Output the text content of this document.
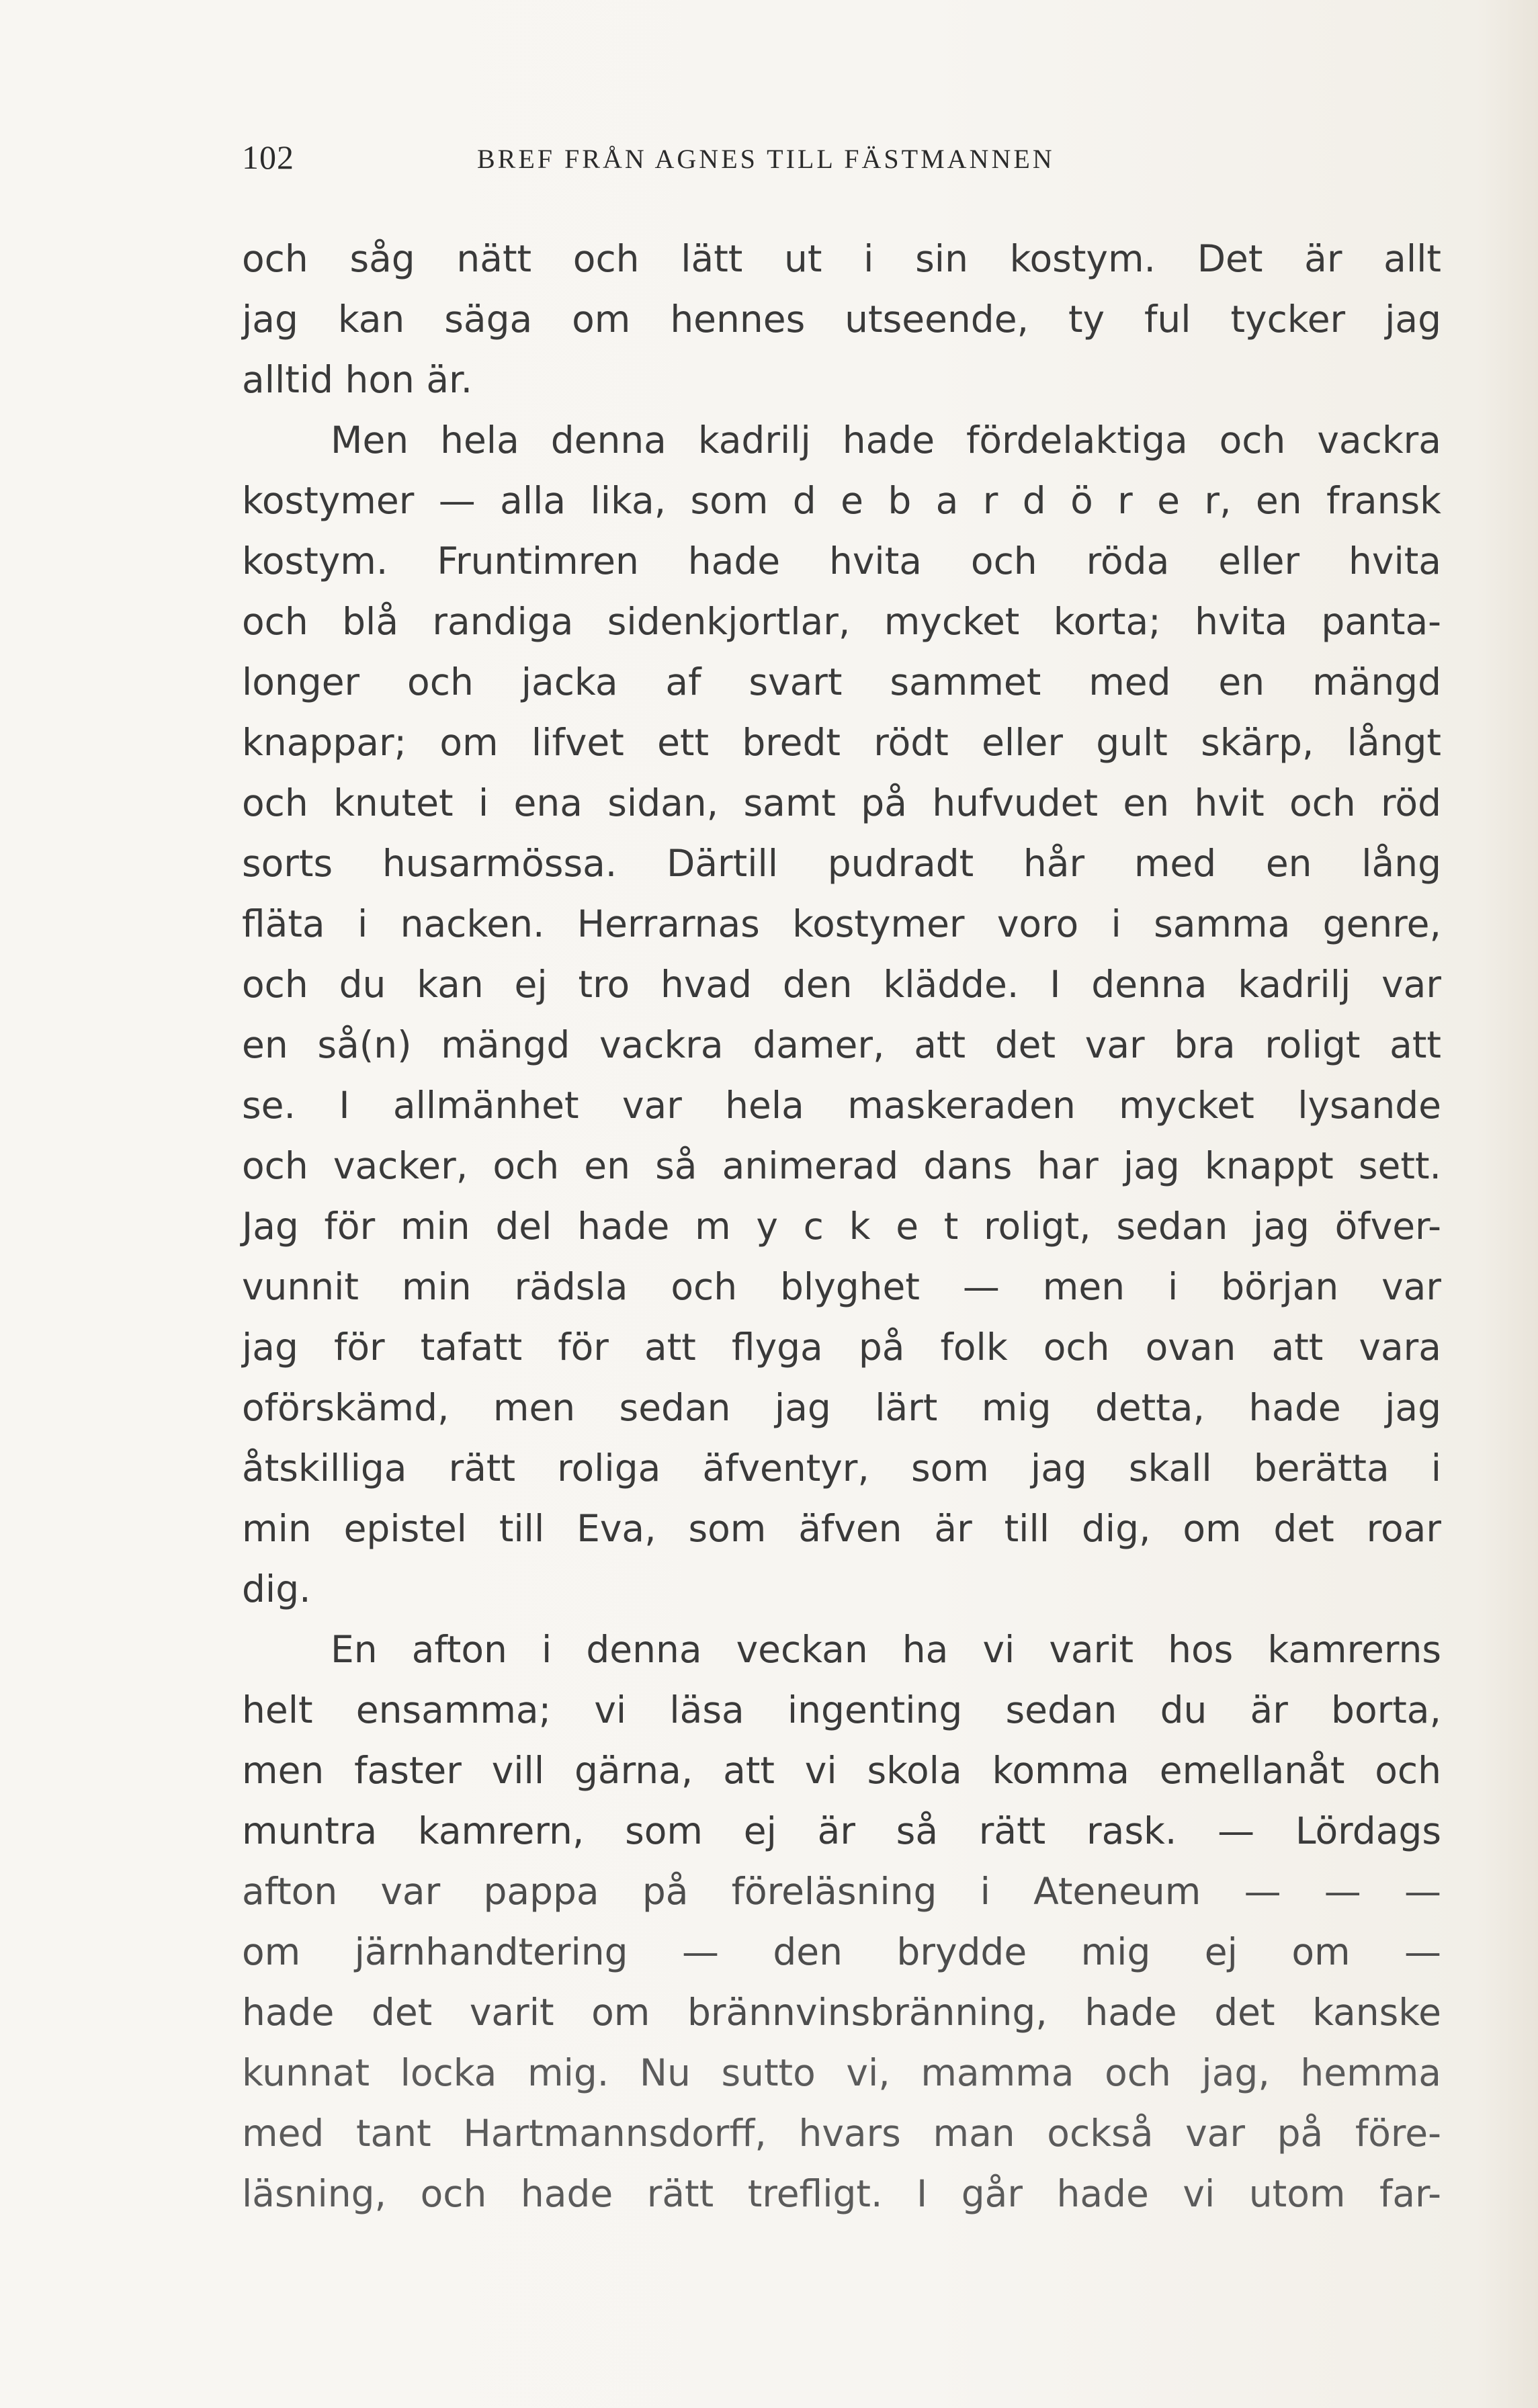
102	BREF FRÅN AGNES TILL FÄSTMANNEN
och såg nätt och lätt ut i sin kostym. Det är allt
jag kan säga om hennes utseende, ty ful tycker jag
alltid hon är.
Men hela denna kadrilj hade fördelaktiga och vackra
kostymer — alla lika, som d e b a r d ö r e r, en fransk
kostym. Fruntimren hade hvita och röda eller hvita
och blå randiga sidenkjortlar, mycket korta; hvita panta-
longer och jacka af svart sammet med en mängd
knappar; om lifvet ett bredt rödt eller gult skärp, långt
och knutet i ena sidan, samt på hufvudet en hvit och röd
sorts husarmössa. Därtill pudradt hår med en lång
fläta i nacken. Herrarnas kostymer voro i samma genre,
och du kan ej tro hvad den klädde. I denna kadrilj var
en så(n) mängd vackra damer, att det var bra roligt att
se. I allmänhet var hela maskeraden mycket lysande
och vacker, och en så animerad dans har jag knappt sett.
Jag för min del hade m y c k e t roligt, sedan jag öfver-
vunnit min rädsla och blyghet — men i början var
jag för tafatt för att flyga på folk och ovan att vara
oförskämd, men sedan jag lärt mig detta, hade jag
åtskilliga rätt roliga äfventyr, som jag skall berätta i
min epistel till Eva, som äfven är till dig, om det roar
dig.
En afton i denna veckan ha vi varit hos kamrerns
helt ensamma; vi läsa ingenting sedan du är borta,
men faster vill gärna, att vi skola komma emellanåt och
muntra kamrern, som ej är så rätt rask. — Lördags
afton var pappa på föreläsning i Ateneum — — —
om järnhandtering — den brydde mig ej om —
hade det varit om brännvinsbränning, hade det kanske
kunnat locka mig. Nu sutto vi, mamma och jag, hemma
med tant Hartmannsdorff, hvars man också var på före-
läsning, och hade rätt trefligt. I går hade vi utom far-
